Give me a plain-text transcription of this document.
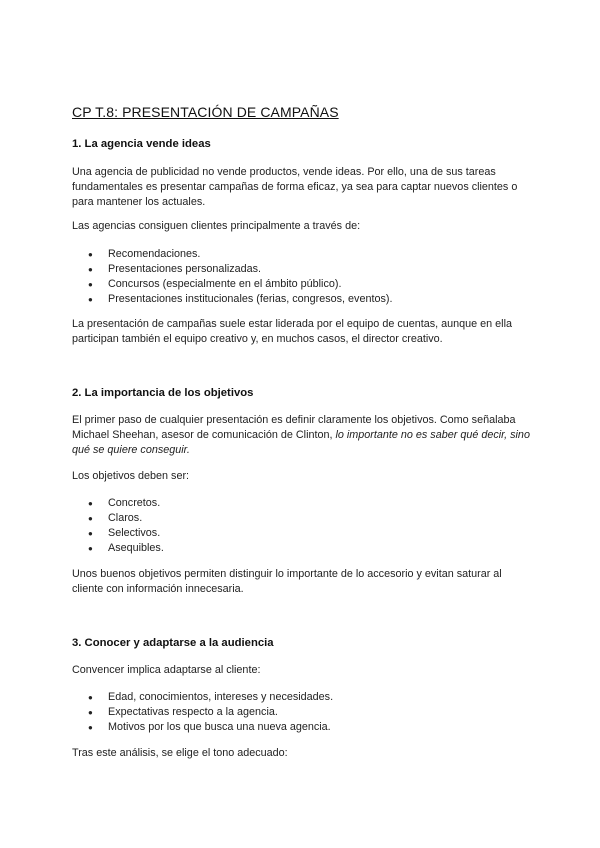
CP T.8: PRESENTACIÓN DE CAMPAÑAS
1. La agencia vende ideas
Una agencia de publicidad no vende productos, vende ideas. Por ello, una de sus tareas fundamentales es presentar campañas de forma eficaz, ya sea para captar nuevos clientes o para mantener los actuales.
Las agencias consiguen clientes principalmente a través de:
● Recomendaciones.
● Presentaciones personalizadas.
● Concursos (especialmente en el ámbito público).
● Presentaciones institucionales (ferias, congresos, eventos).
La presentación de campañas suele estar liderada por el equipo de cuentas, aunque en ella participan también el equipo creativo y, en muchos casos, el director creativo.
2. La importancia de los objetivos
El primer paso de cualquier presentación es definir claramente los objetivos. Como señalaba Michael Sheehan, asesor de comunicación de Clinton, lo importante no es saber qué decir, sino qué se quiere conseguir.
Los objetivos deben ser:
● Concretos.
● Claros.
● Selectivos.
● Asequibles.
Unos buenos objetivos permiten distinguir lo importante de lo accesorio y evitan saturar al cliente con información innecesaria.
3. Conocer y adaptarse a la audiencia
Convencer implica adaptarse al cliente:
● Edad, conocimientos, intereses y necesidades.
● Expectativas respecto a la agencia.
● Motivos por los que busca una nueva agencia.
Tras este análisis, se elige el tono adecuado:
